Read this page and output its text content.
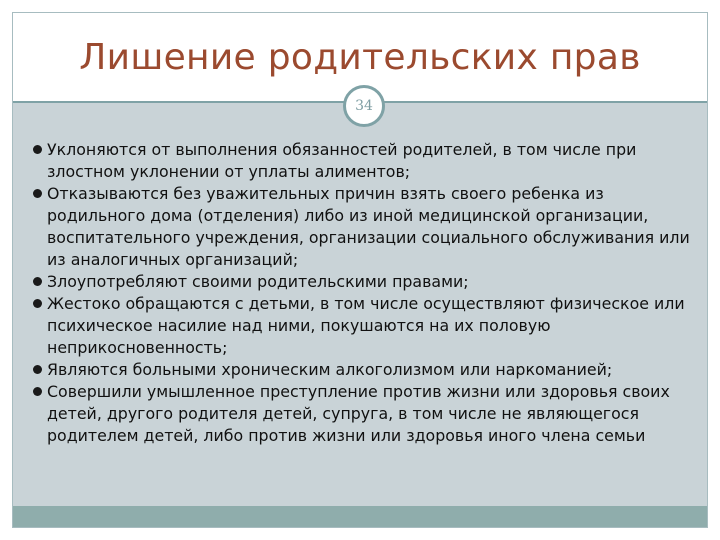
Лишение родительских прав
34
Уклоняются от выполнения обязанностей родителей, в том числе при злостном уклонении от уплаты алиментов;
Отказываются без уважительных причин взять своего ребенка из родильного дома (отделения) либо из иной медицинской организации, воспитательного учреждения, организации социального обслуживания или из аналогичных организаций;
Злоупотребляют своими родительскими правами;
Жестоко обращаются с детьми, в том числе осуществляют физическое или психическое насилие над ними, покушаются на их половую неприкосновенность;
Являются больными хроническим алкоголизмом или наркоманией;
Совершили умышленное преступление против жизни или здоровья своих детей, другого родителя детей, супруга, в том числе не являющегося родителем детей, либо против жизни или здоровья иного члена семьи
